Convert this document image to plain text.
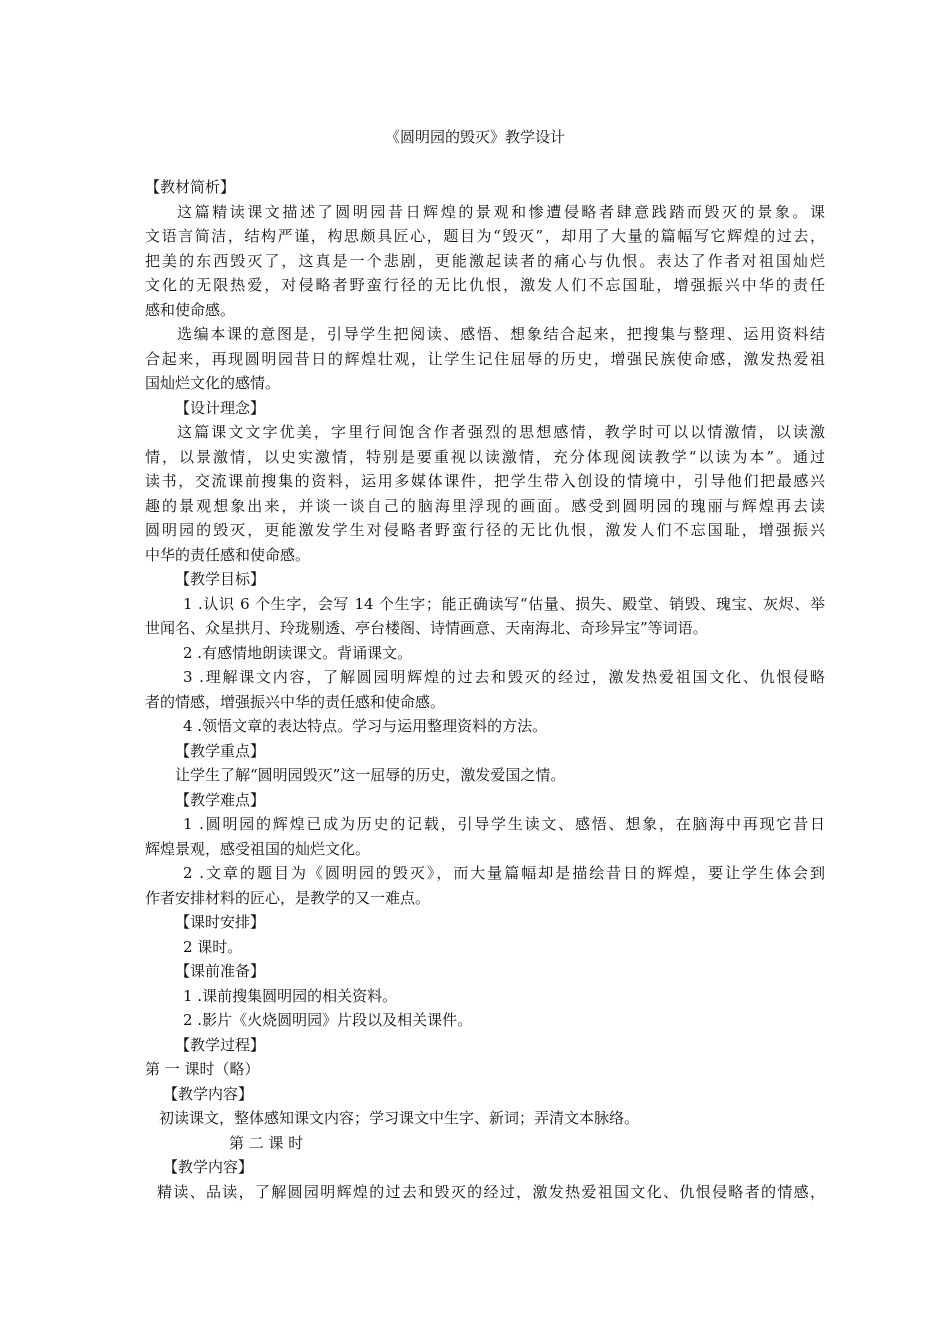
《圆明园的毁灭》教学设计
【教材简析】
这篇精读课文描述了圆明园昔日辉煌的景观和惨遭侵略者肆意践踏而毁灭的景象。课
文语言简洁，结构严谨，构思颇具匠心，题目为“毁灭”，却用了大量的篇幅写它辉煌的过去，
把美的东西毁灭了，这真是一个悲剧，更能激起读者的痛心与仇恨。表达了作者对祖国灿烂
文化的无限热爱，对侵略者野蛮行径的无比仇恨，激发人们不忘国耻，增强振兴中华的责任
感和使命感。
选编本课的意图是，引导学生把阅读、感悟、想象结合起来，把搜集与整理、运用资料结
合起来，再现圆明园昔日的辉煌壮观，让学生记住屈辱的历史，增强民族使命感，激发热爱祖
国灿烂文化的感情。
【设计理念】
这篇课文文字优美，字里行间饱含作者强烈的思想感情，教学时可以以情激情，以读激
情，以景激情，以史实激情，特别是要重视以读激情，充分体现阅读教学“以读为本”。通过
读书，交流课前搜集的资料，运用多媒体课件，把学生带入创设的情境中，引导他们把最感兴
趣的景观想象出来，并谈一谈自己的脑海里浮现的画面。感受到圆明园的瑰丽与辉煌再去读
圆明园的毁灭，更能激发学生对侵略者野蛮行径的无比仇恨，激发人们不忘国耻，增强振兴
中华的责任感和使命感。
【教学目标】
1 .认识 6 个生字，会写 14 个生字；能正确读写“估量、损失、殿堂、销毁、瑰宝、灰烬、举
世闻名、众星拱月、玲珑剔透、亭台楼阁、诗情画意、天南海北、奇珍异宝”等词语。
2 .有感情地朗读课文。背诵课文。
3 .理解课文内容，了解圆园明辉煌的过去和毁灭的经过，激发热爱祖国文化、仇恨侵略
者的情感，增强振兴中华的责任感和使命感。
4 .领悟文章的表达特点。学习与运用整理资料的方法。
【教学重点】
让学生了解“圆明园毁灭”这一屈辱的历史，激发爱国之情。
【教学难点】
1 .圆明园的辉煌已成为历史的记载，引导学生读文、感悟、想象，在脑海中再现它昔日
辉煌景观，感受祖国的灿烂文化。
2 .文章的题目为《圆明园的毁灭》，而大量篇幅却是描绘昔日的辉煌，要让学生体会到
作者安排材料的匠心，是教学的又一难点。
【课时安排】
2 课时。
【课前准备】
1 .课前搜集圆明园的相关资料。
2 .影片《火烧圆明园》片段以及相关课件。
【教学过程】
第 一 课时（略）
【教学内容】
初读课文，整体感知课文内容；学习课文中生字、新词；弄清文本脉络。
第 二 课 时
【教学内容】
精读、品读，了解圆园明辉煌的过去和毁灭的经过，激发热爱祖国文化、仇恨侵略者的情感，
